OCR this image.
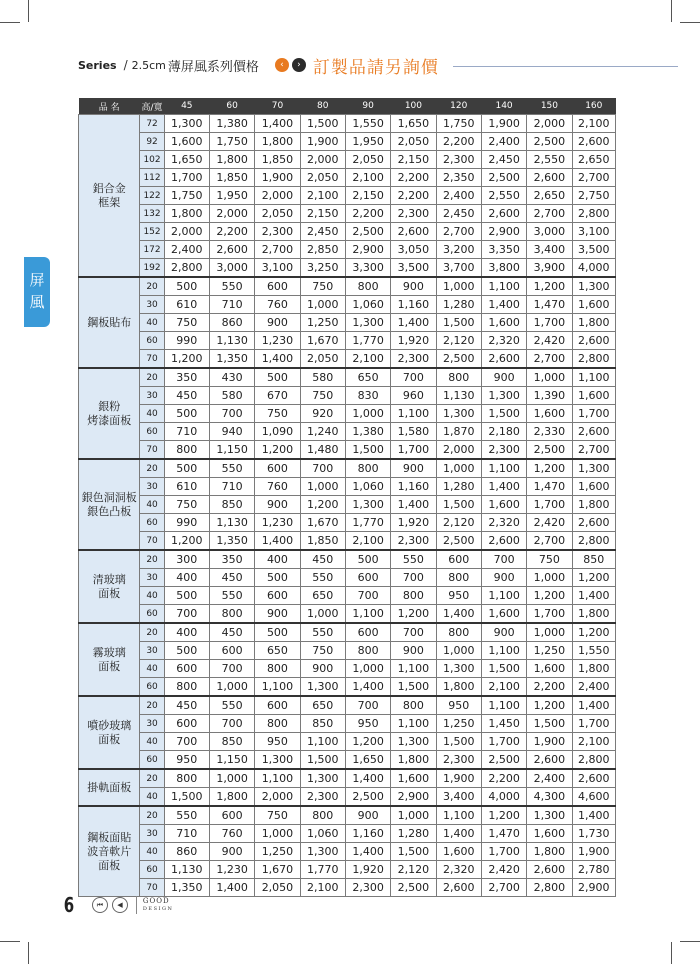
Series / 2.5cm 薄屏風系列價格	‹	› 訂製品請另詢價
屏
風
品 名	高/寬	45	60	70	80	90	100	120	140	150	160

鋁合金
框架	72	1,300	1,380	1,400	1,500	1,550	1,650	1,750	1,900	2,000	2,100
	92	1,600	1,750	1,800	1,900	1,950	2,050	2,200	2,400	2,500	2,600
	102	1,650	1,800	1,850	2,000	2,050	2,150	2,300	2,450	2,550	2,650
	112	1,700	1,850	1,900	2,050	2,100	2,200	2,350	2,500	2,600	2,700
	122	1,750	1,950	2,000	2,100	2,150	2,200	2,400	2,550	2,650	2,750
	132	1,800	2,000	2,050	2,150	2,200	2,300	2,450	2,600	2,700	2,800
	152	2,000	2,200	2,300	2,450	2,500	2,600	2,700	2,900	3,000	3,100
	172	2,400	2,600	2,700	2,850	2,900	3,050	3,200	3,350	3,400	3,500
	192	2,800	3,000	3,100	3,250	3,300	3,500	3,700	3,800	3,900	4,000

鋼板貼布	20	500	550	600	750	800	900	1,000	1,100	1,200	1,300
	30	610	710	760	1,000	1,060	1,160	1,280	1,400	1,470	1,600
	40	750	860	900	1,250	1,300	1,400	1,500	1,600	1,700	1,800
	60	990	1,130	1,230	1,670	1,770	1,920	2,120	2,320	2,420	2,600
	70	1,200	1,350	1,400	2,050	2,100	2,300	2,500	2,600	2,700	2,800

銀粉
烤漆面板	20	350	430	500	580	650	700	800	900	1,000	1,100
	30	450	580	670	750	830	960	1,130	1,300	1,390	1,600
	40	500	700	750	920	1,000	1,100	1,300	1,500	1,600	1,700
	60	710	940	1,090	1,240	1,380	1,580	1,870	2,180	2,330	2,600
	70	800	1,150	1,200	1,480	1,500	1,700	2,000	2,300	2,500	2,700

銀色洞洞板
銀色凸板	20	500	550	600	700	800	900	1,000	1,100	1,200	1,300
	30	610	710	760	1,000	1,060	1,160	1,280	1,400	1,470	1,600
	40	750	850	900	1,200	1,300	1,400	1,500	1,600	1,700	1,800
	60	990	1,130	1,230	1,670	1,770	1,920	2,120	2,320	2,420	2,600
	70	1,200	1,350	1,400	1,850	2,100	2,300	2,500	2,600	2,700	2,800

清玻璃
面板	20	300	350	400	450	500	550	600	700	750	850
	30	400	450	500	550	600	700	800	900	1,000	1,200
	40	500	550	600	650	700	800	950	1,100	1,200	1,400
	60	700	800	900	1,000	1,100	1,200	1,400	1,600	1,700	1,800

霧玻璃
面板	20	400	450	500	550	600	700	800	900	1,000	1,200
	30	500	600	650	750	800	900	1,000	1,100	1,250	1,550
	40	600	700	800	900	1,000	1,100	1,300	1,500	1,600	1,800
	60	800	1,000	1,100	1,300	1,400	1,500	1,800	2,100	2,200	2,400

噴砂玻璃
面板	20	450	550	600	650	700	800	950	1,100	1,200	1,400
	30	600	700	800	850	950	1,100	1,250	1,450	1,500	1,700
	40	700	850	950	1,100	1,200	1,300	1,500	1,700	1,900	2,100
	60	950	1,150	1,300	1,500	1,650	1,800	2,300	2,500	2,600	2,800

掛軌面板	20	800	1,000	1,100	1,300	1,400	1,600	1,900	2,200	2,400	2,600
	40	1,500	1,800	2,000	2,300	2,500	2,900	3,400	4,000	4,300	4,600

鋼板面貼
波音軟片
面板	20	550	600	750	800	900	1,000	1,100	1,200	1,300	1,400
	30	710	760	1,000	1,060	1,160	1,280	1,400	1,470	1,600	1,730
	40	860	900	1,250	1,300	1,400	1,500	1,600	1,700	1,800	1,900
	60	1,130	1,230	1,670	1,770	1,920	2,120	2,320	2,420	2,600	2,780
	70	1,350	1,400	2,050	2,100	2,300	2,500	2,600	2,700	2,800	2,900
6	⏮	◀	GOOD
DESIGN
